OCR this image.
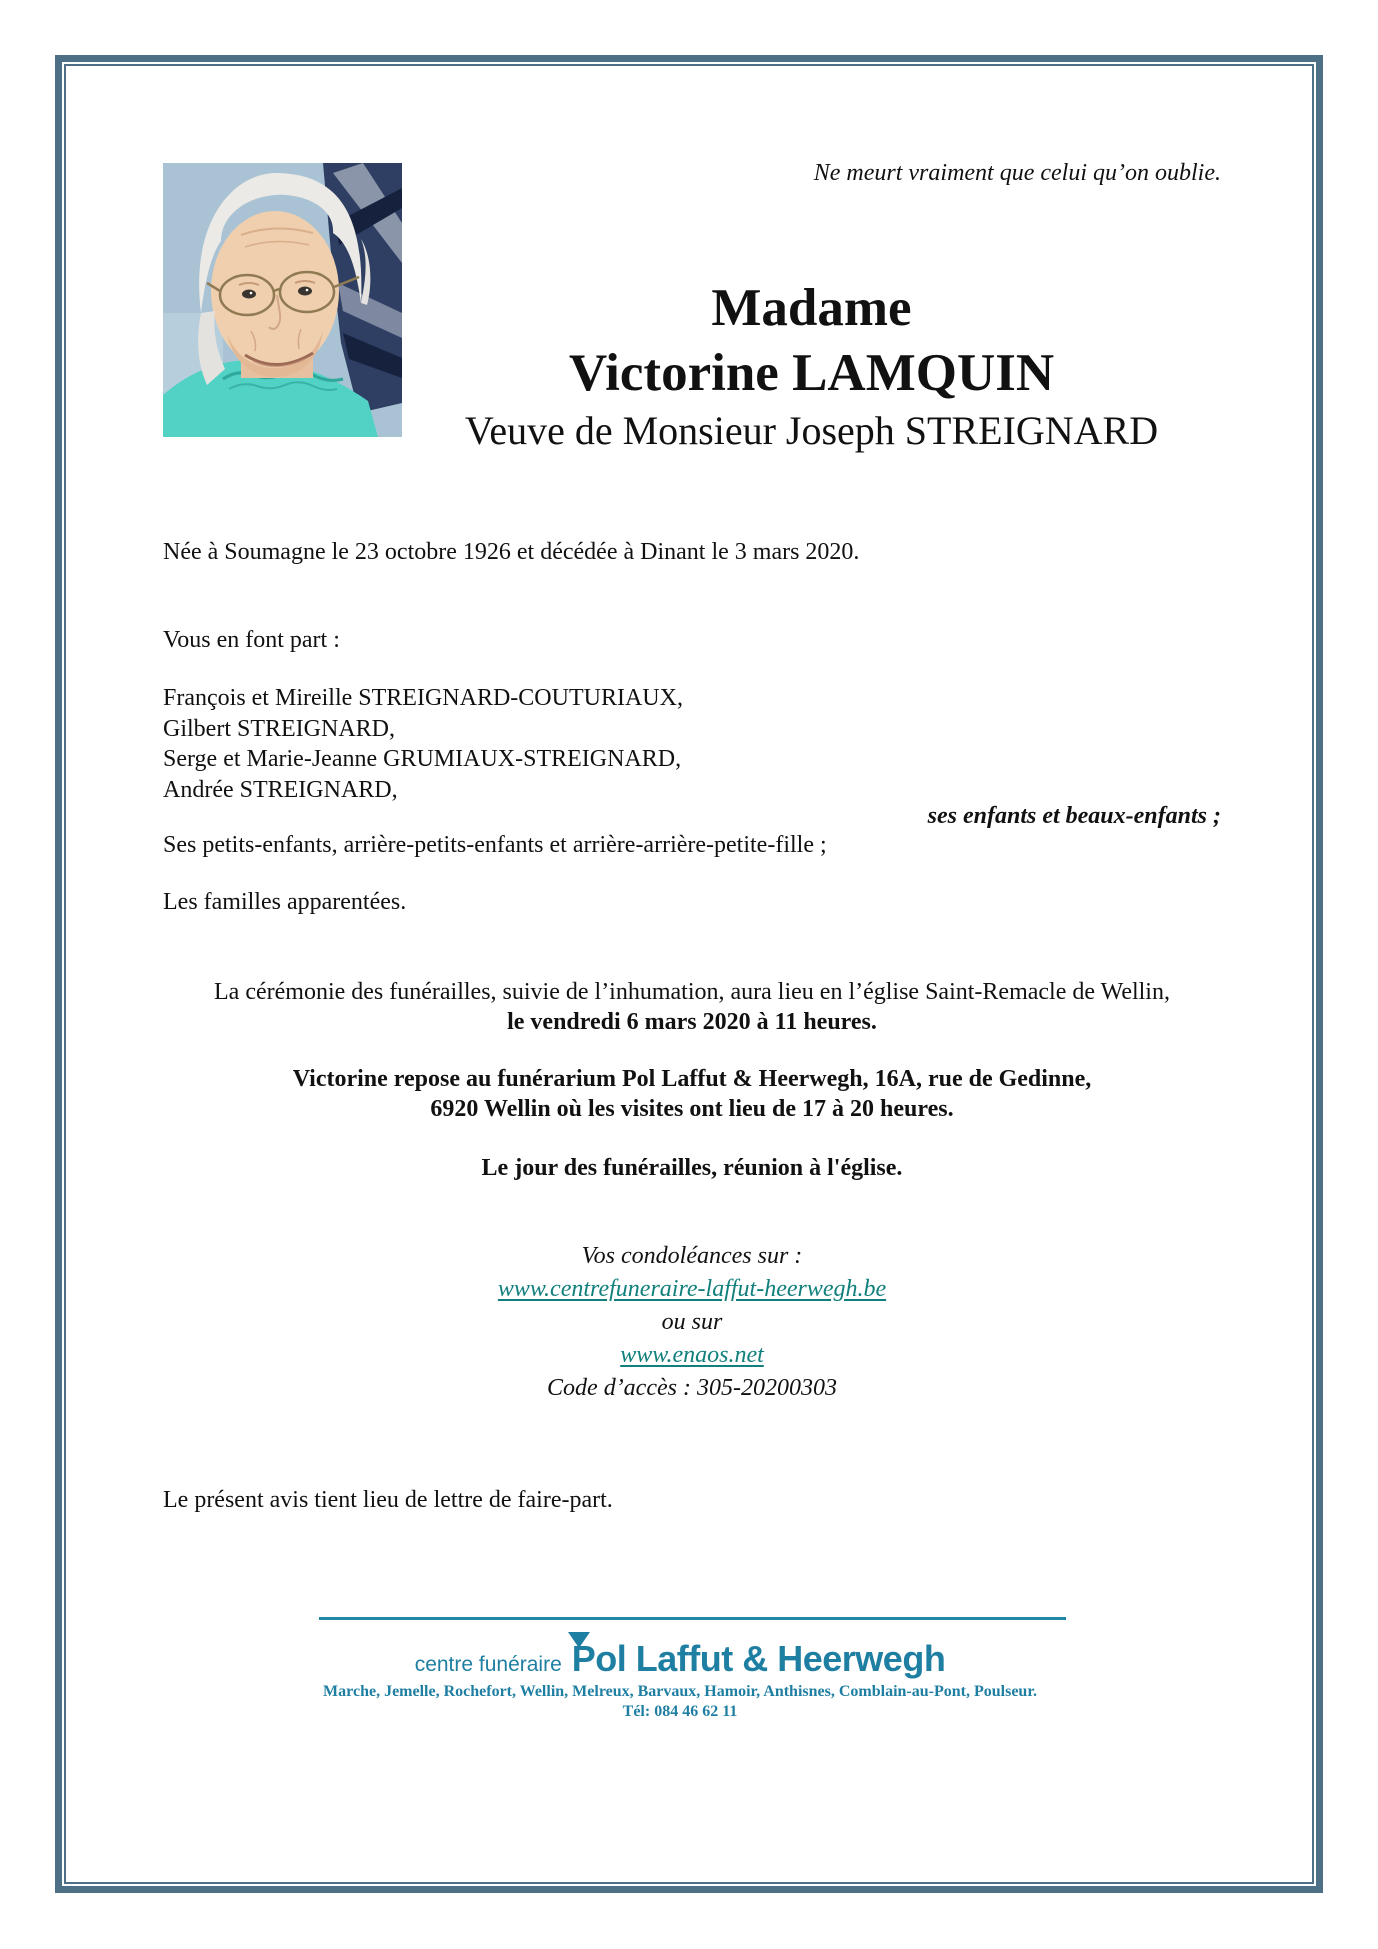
Ne meurt vraiment que celui qu’on oublie.
Madame
Victorine LAMQUIN
Veuve de Monsieur Joseph STREIGNARD
Née à Soumagne le 23 octobre 1926 et décédée à Dinant le 3 mars 2020.
Vous en font part :
François et Mireille STREIGNARD-COUTURIAUX,
Gilbert STREIGNARD,
Serge et Marie-Jeanne GRUMIAUX-STREIGNARD,
Andrée STREIGNARD,
ses enfants et beaux-enfants ;
Ses petits-enfants, arrière-petits-enfants et arrière-arrière-petite-fille ;
Les familles apparentées.
La cérémonie des funérailles, suivie de l’inhumation, aura lieu en l’église Saint-Remacle de Wellin,
le vendredi 6 mars 2020 à 11 heures.
Victorine repose au funérarium Pol Laffut & Heerwegh, 16A, rue de Gedinne,
6920 Wellin où les visites ont lieu de 17 à 20 heures.
Le jour des funérailles, réunion à l'église.
Vos condoléances sur :
www.centrefuneraire-laffut-heerwegh.be
ou sur
www.enaos.net
Code d’accès : 305-20200303
Le présent avis tient lieu de lettre de faire-part.
centre funéraire Pol Laffut & Heerwegh
Marche, Jemelle, Rochefort, Wellin, Melreux, Barvaux, Hamoir, Anthisnes, Comblain-au-Pont, Poulseur.
Tél: 084 46 62 11
